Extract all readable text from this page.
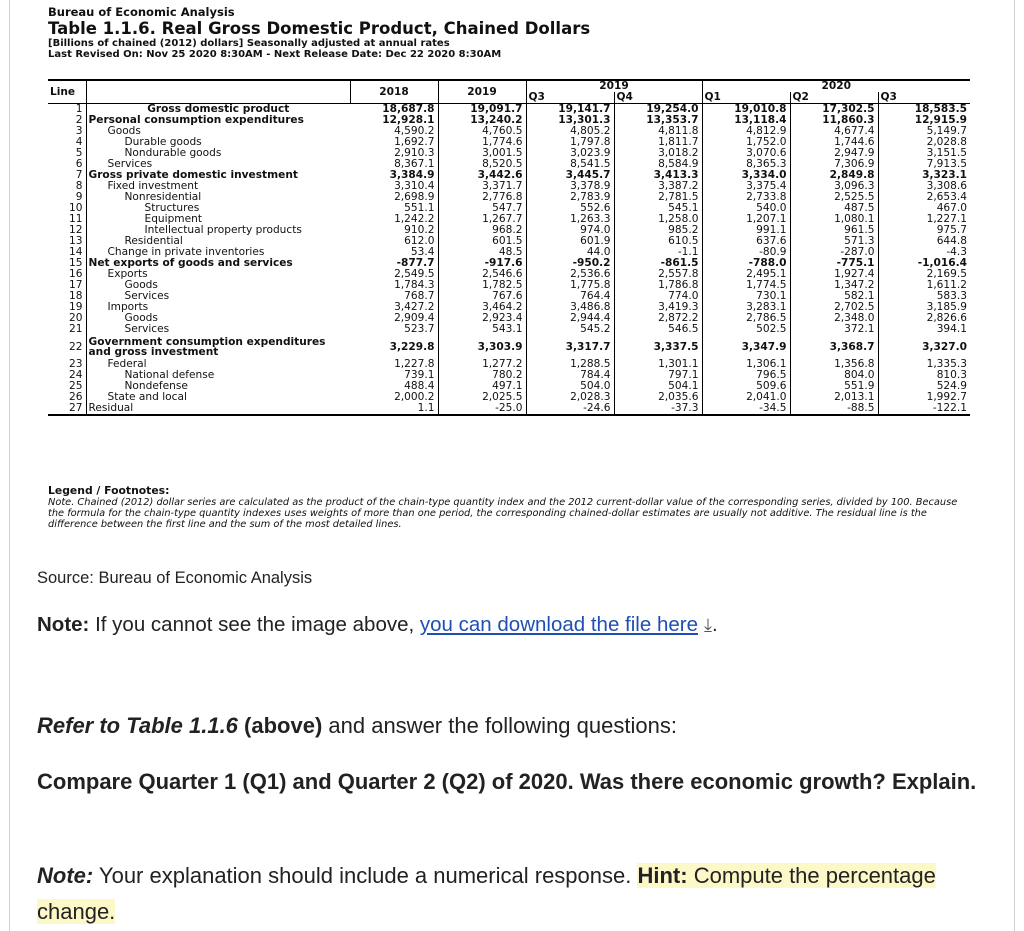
Bureau of Economic Analysis
Table 1.1.6. Real Gross Domestic Product, Chained Dollars
[Billions of chained (2012) dollars] Seasonally adjusted at annual rates
Last Revised On: Nov 25 2020 8:30AM - Next Release Date: Dec 22 2020 8:30AM
Line		2018	2019	2019		2020		
				Q3	Q4	Q1	Q2	Q3
1	Gross domestic product	18,687.8	19,091.7	19,141.7	19,254.0	19,010.8	17,302.5	18,583.5
2	Personal consumption expenditures	12,928.1	13,240.2	13,301.3	13,353.7	13,118.4	11,860.3	12,915.9
3	Goods	4,590.2	4,760.5	4,805.2	4,811.8	4,812.9	4,677.4	5,149.7
4	Durable goods	1,692.7	1,774.6	1,797.8	1,811.7	1,752.0	1,744.6	2,028.8
5	Nondurable goods	2,910.3	3,001.5	3,023.9	3,018.2	3,070.6	2,947.9	3,151.5
6	Services	8,367.1	8,520.5	8,541.5	8,584.9	8,365.3	7,306.9	7,913.5
7	Gross private domestic investment	3,384.9	3,442.6	3,445.7	3,413.3	3,334.0	2,849.8	3,323.1
8	Fixed investment	3,310.4	3,371.7	3,378.9	3,387.2	3,375.4	3,096.3	3,308.6
9	Nonresidential	2,698.9	2,776.8	2,783.9	2,781.5	2,733.8	2,525.5	2,653.4
10	Structures	551.1	547.7	552.6	545.1	540.0	487.5	467.0
11	Equipment	1,242.2	1,267.7	1,263.3	1,258.0	1,207.1	1,080.1	1,227.1
12	Intellectual property products	910.2	968.2	974.0	985.2	991.1	961.5	975.7
13	Residential	612.0	601.5	601.9	610.5	637.6	571.3	644.8
14	Change in private inventories	53.4	48.5	44.0	-1.1	-80.9	-287.0	-4.3
15	Net exports of goods and services	-877.7	-917.6	-950.2	-861.5	-788.0	-775.1	-1,016.4
16	Exports	2,549.5	2,546.6	2,536.6	2,557.8	2,495.1	1,927.4	2,169.5
17	Goods	1,784.3	1,782.5	1,775.8	1,786.8	1,774.5	1,347.2	1,611.2
18	Services	768.7	767.6	764.4	774.0	730.1	582.1	583.3
19	Imports	3,427.2	3,464.2	3,486.8	3,419.3	3,283.1	2,702.5	3,185.9
20	Goods	2,909.4	2,923.4	2,944.4	2,872.2	2,786.5	2,348.0	2,826.6
21	Services	523.7	543.1	545.2	546.5	502.5	372.1	394.1
22	Government consumption expenditures and gross investment	3,229.8	3,303.9	3,317.7	3,337.5	3,347.9	3,368.7	3,327.0
23	Federal	1,227.8	1,277.2	1,288.5	1,301.1	1,306.1	1,356.8	1,335.3
24	National defense	739.1	780.2	784.4	797.1	796.5	804.0	810.3
25	Nondefense	488.4	497.1	504.0	504.1	509.6	551.9	524.9
26	State and local	2,000.2	2,025.5	2,028.3	2,035.6	2,041.0	2,013.1	1,992.7
27	Residual	1.1	-25.0	-24.6	-37.3	-34.5	-88.5	-122.1
Legend / Footnotes:
Note. Chained (2012) dollar series are calculated as the product of the chain-type quantity index and the 2012 current-dollar value of the corresponding series, divided by 100. Because the formula for the chain-type quantity indexes uses weights of more than one period, the corresponding chained-dollar estimates are usually not additive. The residual line is the difference between the first line and the sum of the most detailed lines.
Source: Bureau of Economic Analysis
Note: If you cannot see the image above, you can download the file here ⤓.
Refer to Table 1.1.6 (above) and answer the following questions:
Compare Quarter 1 (Q1) and Quarter 2 (Q2) of 2020. Was there economic growth? Explain.
Note: Your explanation should include a numerical response. Hint: Compute the percentage change.
